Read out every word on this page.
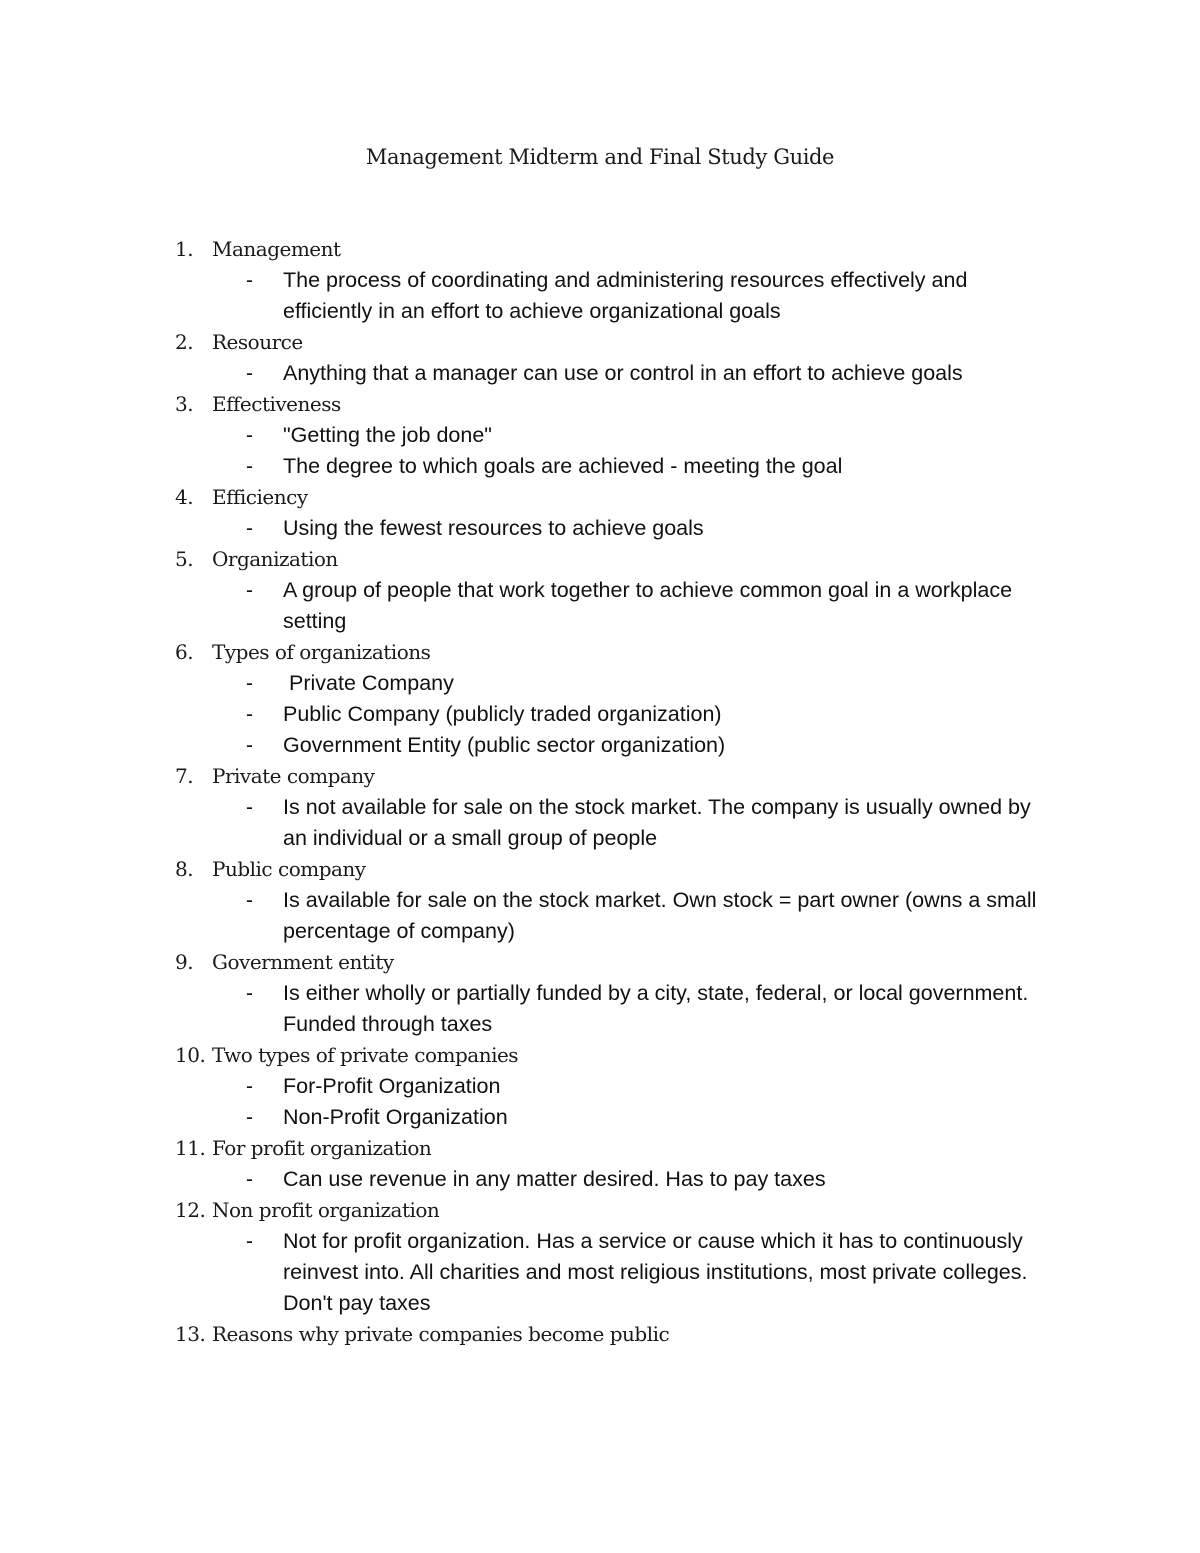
Management Midterm and Final Study Guide
1. Management
- The process of coordinating and administering resources effectively and efficiently in an effort to achieve organizational goals
2. Resource
- Anything that a manager can use or control in an effort to achieve goals
3. Effectiveness
- "Getting the job done"
- The degree to which goals are achieved - meeting the goal
4. Efficiency
- Using the fewest resources to achieve goals
5. Organization
- A group of people that work together to achieve common goal in a workplace setting
6. Types of organizations
- Private Company
- Public Company (publicly traded organization)
- Government Entity (public sector organization)
7. Private company
- Is not available for sale on the stock market. The company is usually owned by an individual or a small group of people
8. Public company
- Is available for sale on the stock market. Own stock = part owner (owns a small percentage of company)
9. Government entity
- Is either wholly or partially funded by a city, state, federal, or local government. Funded through taxes
10. Two types of private companies
- For-Profit Organization
- Non-Profit Organization
11. For profit organization
- Can use revenue in any matter desired. Has to pay taxes
12. Non profit organization
- Not for profit organization. Has a service or cause which it has to continuously reinvest into. All charities and most religious institutions, most private colleges. Don't pay taxes
13. Reasons why private companies become public
